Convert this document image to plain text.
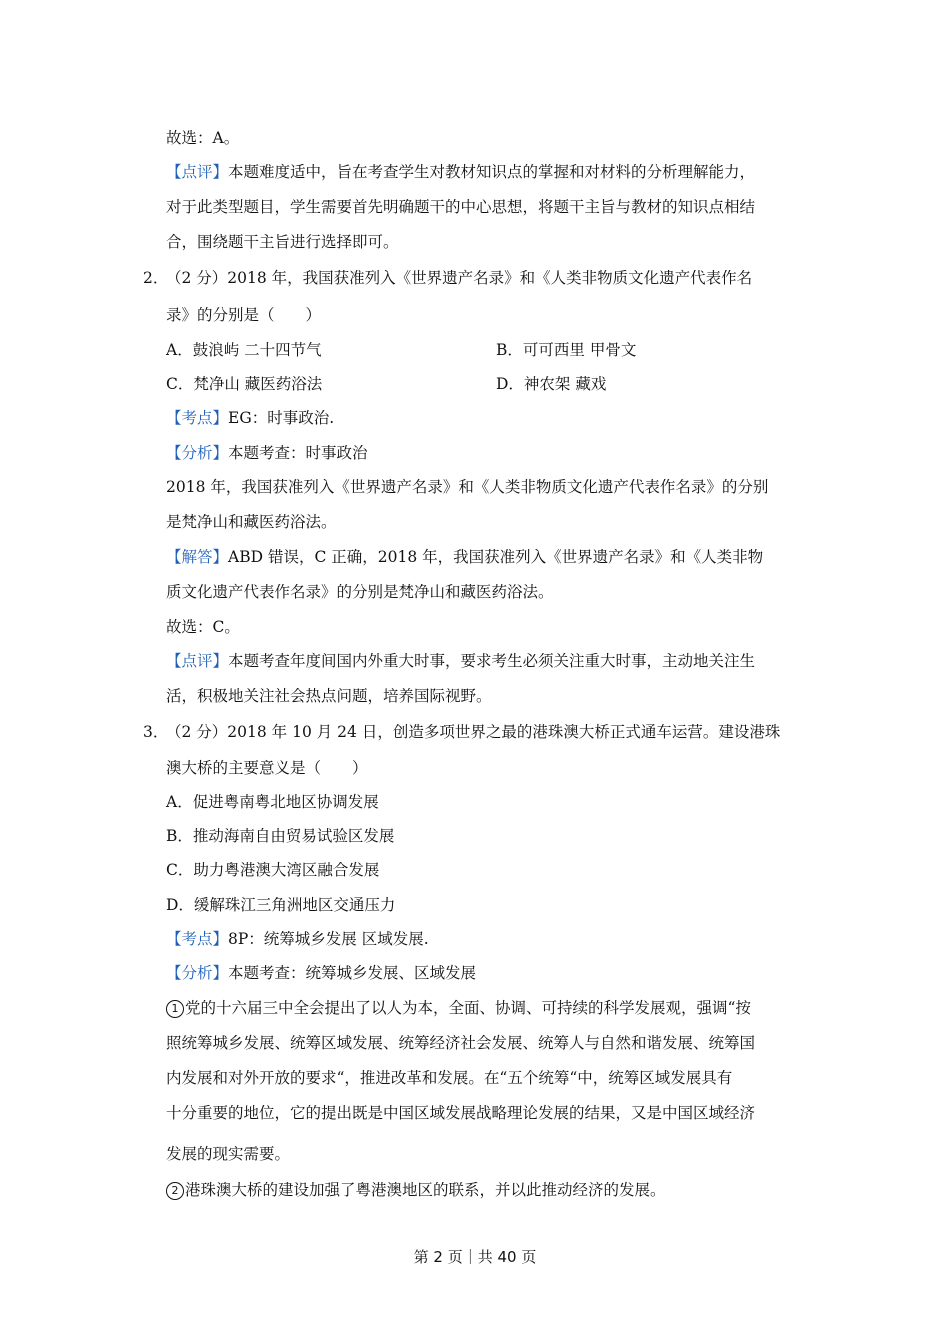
故选：A。
【点评】本题难度适中，旨在考查学生对教材知识点的掌握和对材料的分析理解能力，
对于此类型题目，学生需要首先明确题干的中心思想，将题干主旨与教材的知识点相结
合，围绕题干主旨进行选择即可。
2．
（2 分）2018 年，我国获准列入《世界遗产名录》和《人类非物质文化遗产代表作名
录》的分别是（　　）
A．鼓浪屿 二十四节气	B．可可西里 甲骨文
C．梵净山 藏医药浴法	D．神农架 藏戏
【考点】EG：时事政治.
【分析】本题考查：时事政治
2018 年，我国获准列入《世界遗产名录》和《人类非物质文化遗产代表作名录》的分别
是梵净山和藏医药浴法。
【解答】ABD 错误，C 正确，2018 年，我国获准列入《世界遗产名录》和《人类非物
质文化遗产代表作名录》的分别是梵净山和藏医药浴法。
故选：C。
【点评】本题考查年度间国内外重大时事，要求考生必须关注重大时事，主动地关注生
活，积极地关注社会热点问题，培养国际视野。
3．
（2 分）2018 年 10 月 24 日，创造多项世界之最的港珠澳大桥正式通车运营。建设港珠
澳大桥的主要意义是（　　）
A．促进粤南粤北地区协调发展
B．推动海南自由贸易试验区发展
C．助力粤港澳大湾区融合发展
D．缓解珠江三角洲地区交通压力
【考点】8P：统筹城乡发展 区域发展.
【分析】本题考查：统筹城乡发展、区域发展
1 党的十六届三中全会提出了以人为本，全面、协调、可持续的科学发展观，强调“按
照统筹城乡发展、统筹区域发展、统筹经济社会发展、统筹人与自然和谐发展、统筹国
内发展和对外开放的要求“，推进改革和发展。在“五个统筹“中，统筹区域发展具有
十分重要的地位，它的提出既是中国区域发展战略理论发展的结果，又是中国区域经济
发展的现实需要。
2 港珠澳大桥的建设加强了粤港澳地区的联系，并以此推动经济的发展。
第 2 页｜共 40 页
